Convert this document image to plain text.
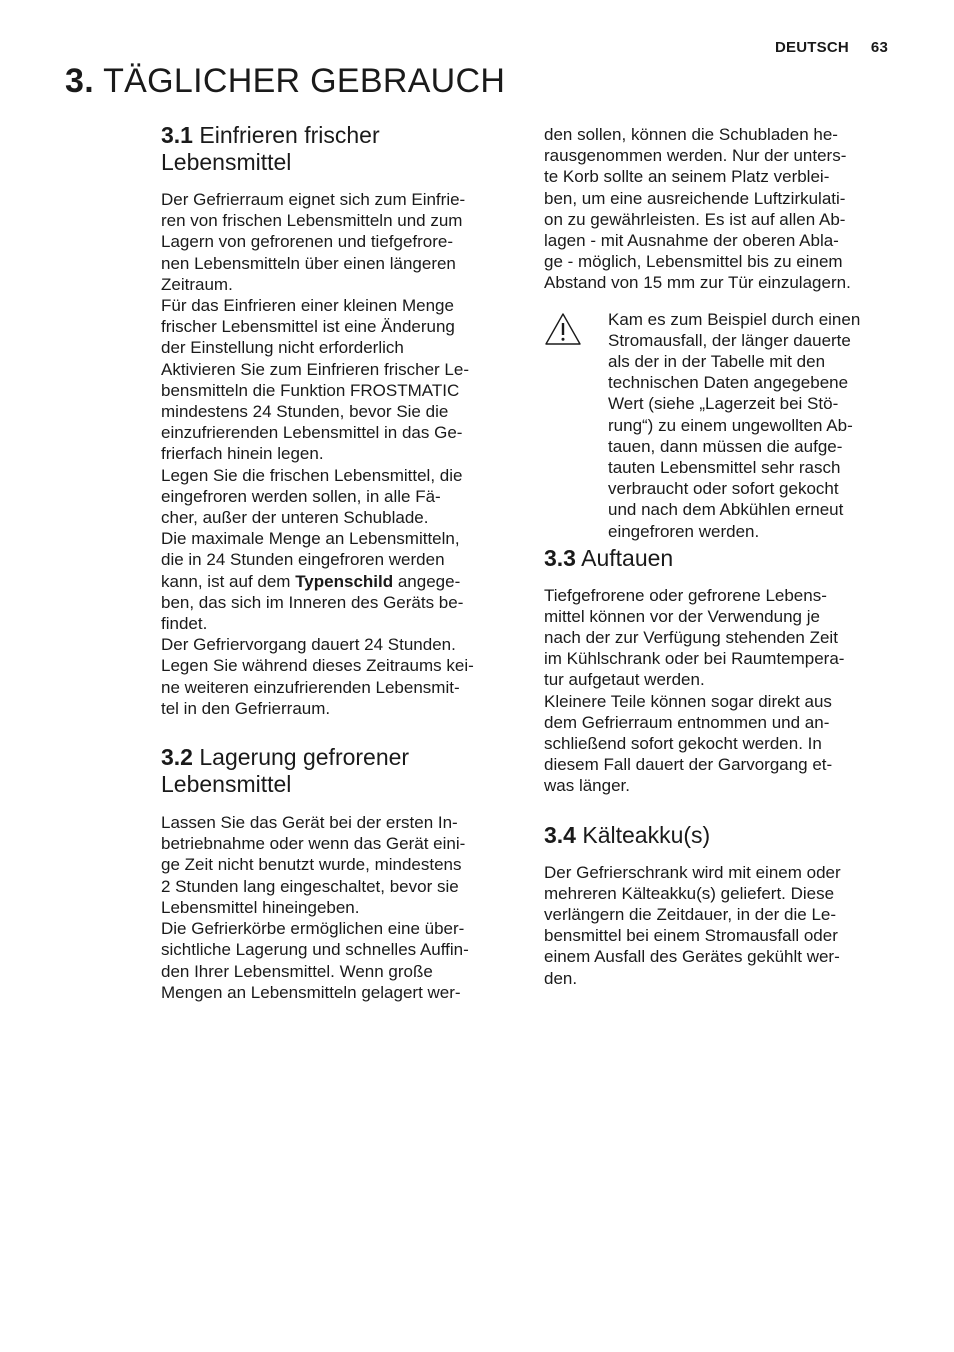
DEUTSCH 63
3. TÄGLICHER GEBRAUCH
3.1 Einfrieren frischer
Lebensmittel

Der Gefrierraum eignet sich zum Einfrie-
ren von frischen Lebensmitteln und zum
Lagern von gefrorenen und tiefgefrore-
nen Lebensmitteln über einen längeren
Zeitraum.
Für das Einfrieren einer kleinen Menge
frischer Lebensmittel ist eine Änderung
der Einstellung nicht erforderlich
Aktivieren Sie zum Einfrieren frischer Le-
bensmitteln die Funktion FROSTMATIC
mindestens 24 Stunden, bevor Sie die
einzufrierenden Lebensmittel in das Ge-
frierfach hinein legen.
Legen Sie die frischen Lebensmittel, die
eingefroren werden sollen, in alle Fä-
cher, außer der unteren Schublade.
Die maximale Menge an Lebensmitteln,
die in 24 Stunden eingefroren werden
kann, ist auf dem Typenschild angege-
ben, das sich im Inneren des Geräts be-
findet.
Der Gefriervorgang dauert 24 Stunden.
Legen Sie während dieses Zeitraums kei-
ne weiteren einzufrierenden Lebensmit-
tel in den Gefrierraum.

3.2 Lagerung gefrorener
Lebensmittel

Lassen Sie das Gerät bei der ersten In-
betriebnahme oder wenn das Gerät eini-
ge Zeit nicht benutzt wurde, mindestens
2 Stunden lang eingeschaltet, bevor sie
Lebensmittel hineingeben.
Die Gefrierkörbe ermöglichen eine über-
sichtliche Lagerung und schnelles Auffin-
den Ihrer Lebensmittel. Wenn große
Mengen an Lebensmitteln gelagert wer-

den sollen, können die Schubladen he-
rausgenommen werden. Nur der unters-
te Korb sollte an seinem Platz verblei-
ben, um eine ausreichende Luftzirkulati-
on zu gewährleisten. Es ist auf allen Ab-
lagen - mit Ausnahme der oberen Abla-
ge - möglich, Lebensmittel bis zu einem
Abstand von 15 mm zur Tür einzulagern.

Kam es zum Beispiel durch einen
Stromausfall, der länger dauerte
als der in der Tabelle mit den
technischen Daten angegebene
Wert (siehe „Lagerzeit bei Stö-
rung“) zu einem ungewollten Ab-
tauen, dann müssen die aufge-
tauten Lebensmittel sehr rasch
verbraucht oder sofort gekocht
und nach dem Abkühlen erneut
eingefroren werden.

3.3 Auftauen

Tiefgefrorene oder gefrorene Lebens-
mittel können vor der Verwendung je
nach der zur Verfügung stehenden Zeit
im Kühlschrank oder bei Raumtempera-
tur aufgetaut werden.
Kleinere Teile können sogar direkt aus
dem Gefrierraum entnommen und an-
schließend sofort gekocht werden. In
diesem Fall dauert der Garvorgang et-
was länger.

3.4 Kälteakku(s)

Der Gefrierschrank wird mit einem oder
mehreren Kälteakku(s) geliefert. Diese
verlängern die Zeitdauer, in der die Le-
bensmittel bei einem Stromausfall oder
einem Ausfall des Gerätes gekühlt wer-
den.
